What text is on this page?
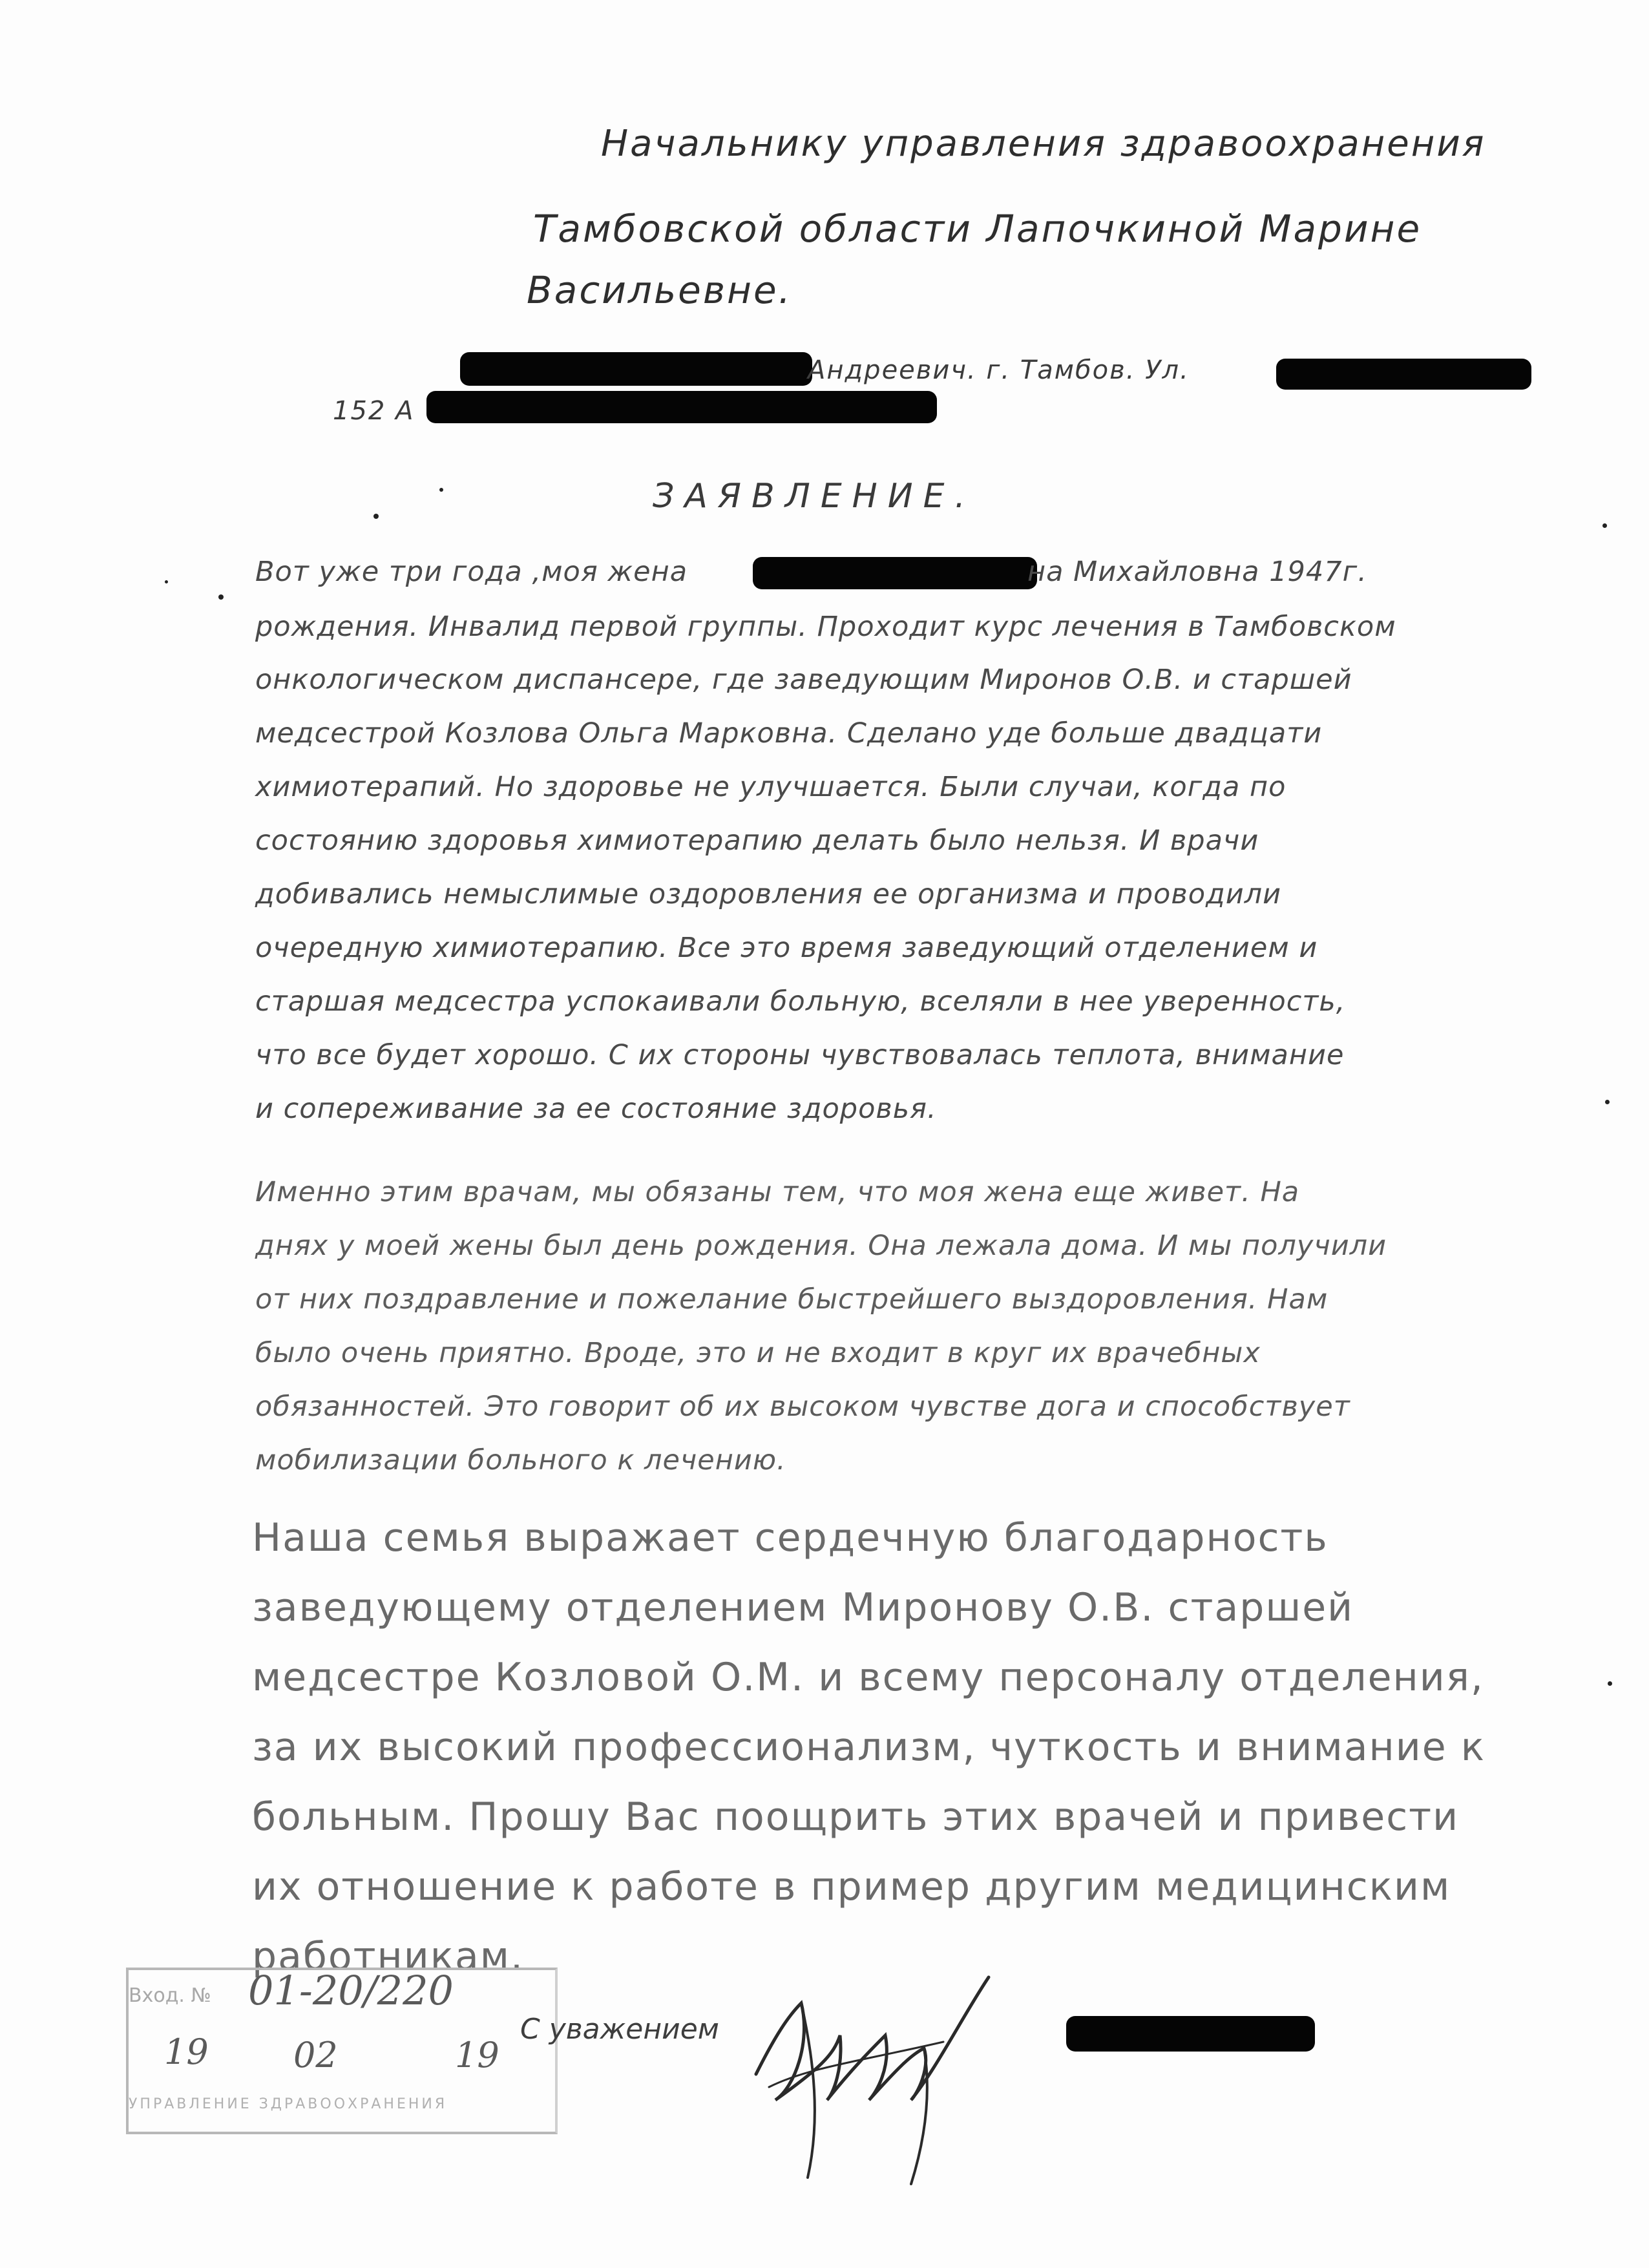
Начальнику управления здравоохранения
Тамбовской области Лапочкиной Марине
Васильевне.
Андреевич. г. Тамбов. Ул.
152 А
ЗАЯВЛЕНИЕ.
Вот уже три года ,моя жена	на Михайловна 1947г.
рождения. Инвалид первой группы. Проходит курс лечения в Тамбовском
онкологическом диспансере, где заведующим Миронов О.В. и старшей
медсестрой Козлова Ольга Марковна. Сделано уде больше двадцати
химиотерапий. Но здоровье не улучшается. Были случаи, когда по
состоянию здоровья химиотерапию делать было нельзя. И врачи
добивались немыслимые оздоровления ее организма и проводили
очередную химиотерапию. Все это время заведующий отделением и
старшая медсестра успокаивали больную, вселяли в нее уверенность,
что все будет хорошо. С их стороны чувствовалась теплота, внимание
и сопереживание за ее состояние здоровья.
Именно этим врачам, мы обязаны тем, что моя жена еще живет. На
днях у моей жены был день рождения. Она лежала дома. И мы получили
от них поздравление и пожелание быстрейшего выздоровления. Нам
было очень приятно. Вроде, это и не входит в круг их врачебных
обязанностей. Это говорит об их высоком чувстве дога и способствует
мобилизации больного к лечению.
Наша семья выражает сердечную благодарность
заведующему отделением Миронову О.В. старшей
медсестре Козловой О.М. и всему персоналу отделения,
за их высокий профессионализм, чуткость и внимание к
больным. Прошу Вас поощрить этих врачей и привести
их отношение к работе в пример другим медицинским
работникам.
Вход. № 01-20/220
19 02	19
УПРАВЛЕНИЕ ЗДРАВООХРАНЕНИЯ
С уважением
